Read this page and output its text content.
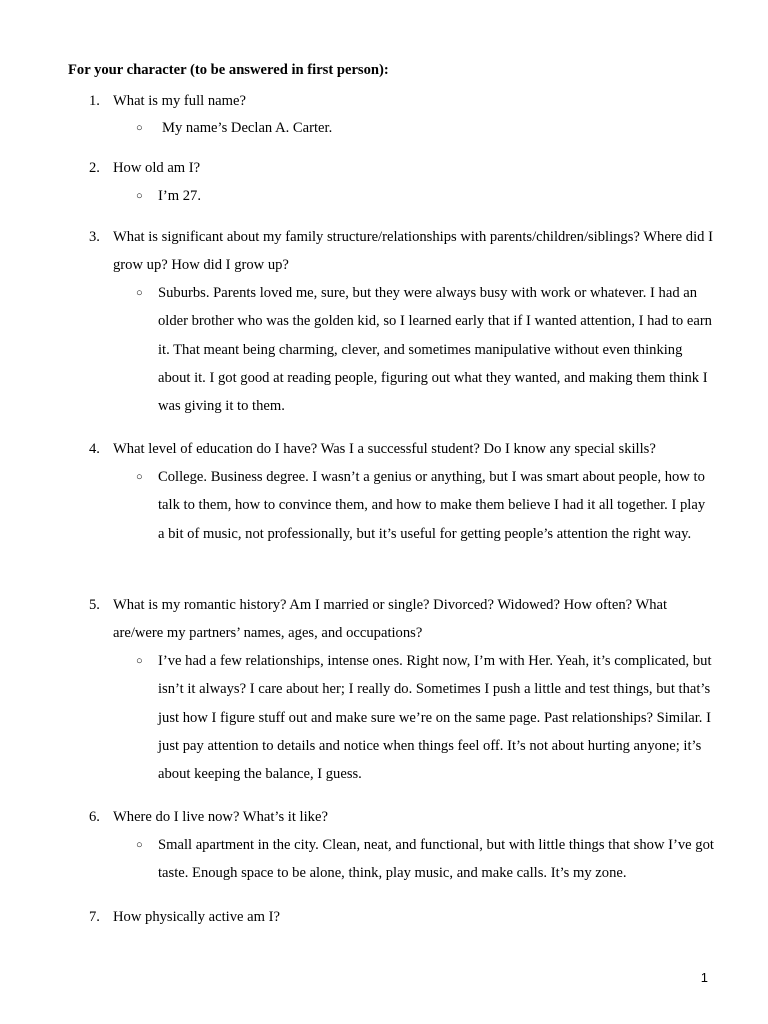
For your character (to be answered in first person):
1. What is my full name?
○ My name’s Declan A. Carter.
2. How old am I?
○ I’m 27.
3. What is significant about my family structure/relationships with parents/children/siblings? Where did I grow up? How did I grow up?
○ Suburbs. Parents loved me, sure, but they were always busy with work or whatever. I had an older brother who was the golden kid, so I learned early that if I wanted attention, I had to earn it. That meant being charming, clever, and sometimes manipulative without even thinking about it. I got good at reading people, figuring out what they wanted, and making them think I was giving it to them.
4. What level of education do I have? Was I a successful student? Do I know any special skills?
○ College. Business degree. I wasn’t a genius or anything, but I was smart about people, how to talk to them, how to convince them, and how to make them believe I had it all together. I play a bit of music, not professionally, but it’s useful for getting people’s attention the right way.
5. What is my romantic history? Am I married or single? Divorced? Widowed? How often? What are/were my partners’ names, ages, and occupations?
○ I’ve had a few relationships, intense ones. Right now, I’m with Her. Yeah, it’s complicated, but isn’t it always? I care about her; I really do. Sometimes I push a little and test things, but that’s just how I figure stuff out and make sure we’re on the same page. Past relationships? Similar. I just pay attention to details and notice when things feel off. It’s not about hurting anyone; it’s about keeping the balance, I guess.
6. Where do I live now? What’s it like?
○ Small apartment in the city. Clean, neat, and functional, but with little things that show I’ve got taste. Enough space to be alone, think, play music, and make calls. It’s my zone.
7. How physically active am I?
1
